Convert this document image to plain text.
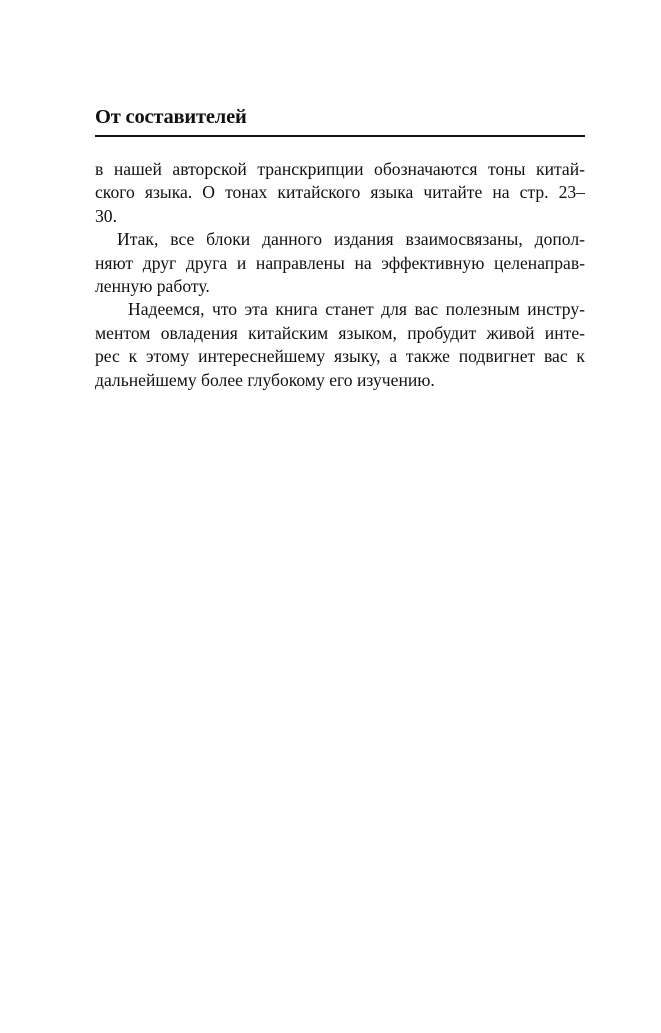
От составителей
в нашей авторской транскрипции обозначаются тоны китай-
ского языка. О тонах китайского языка читайте на стр. 23–
30.
Итак, все блоки данного издания взаимосвязаны, допол-
няют друг друга и направлены на эффективную целенаправ-
ленную работу.
Надеемся, что эта книга станет для вас полезным инстру-
ментом овладения китайским языком, пробудит живой инте-
рес к этому интереснейшему языку, а также подвигнет вас к
дальнейшему более глубокому его изучению.
